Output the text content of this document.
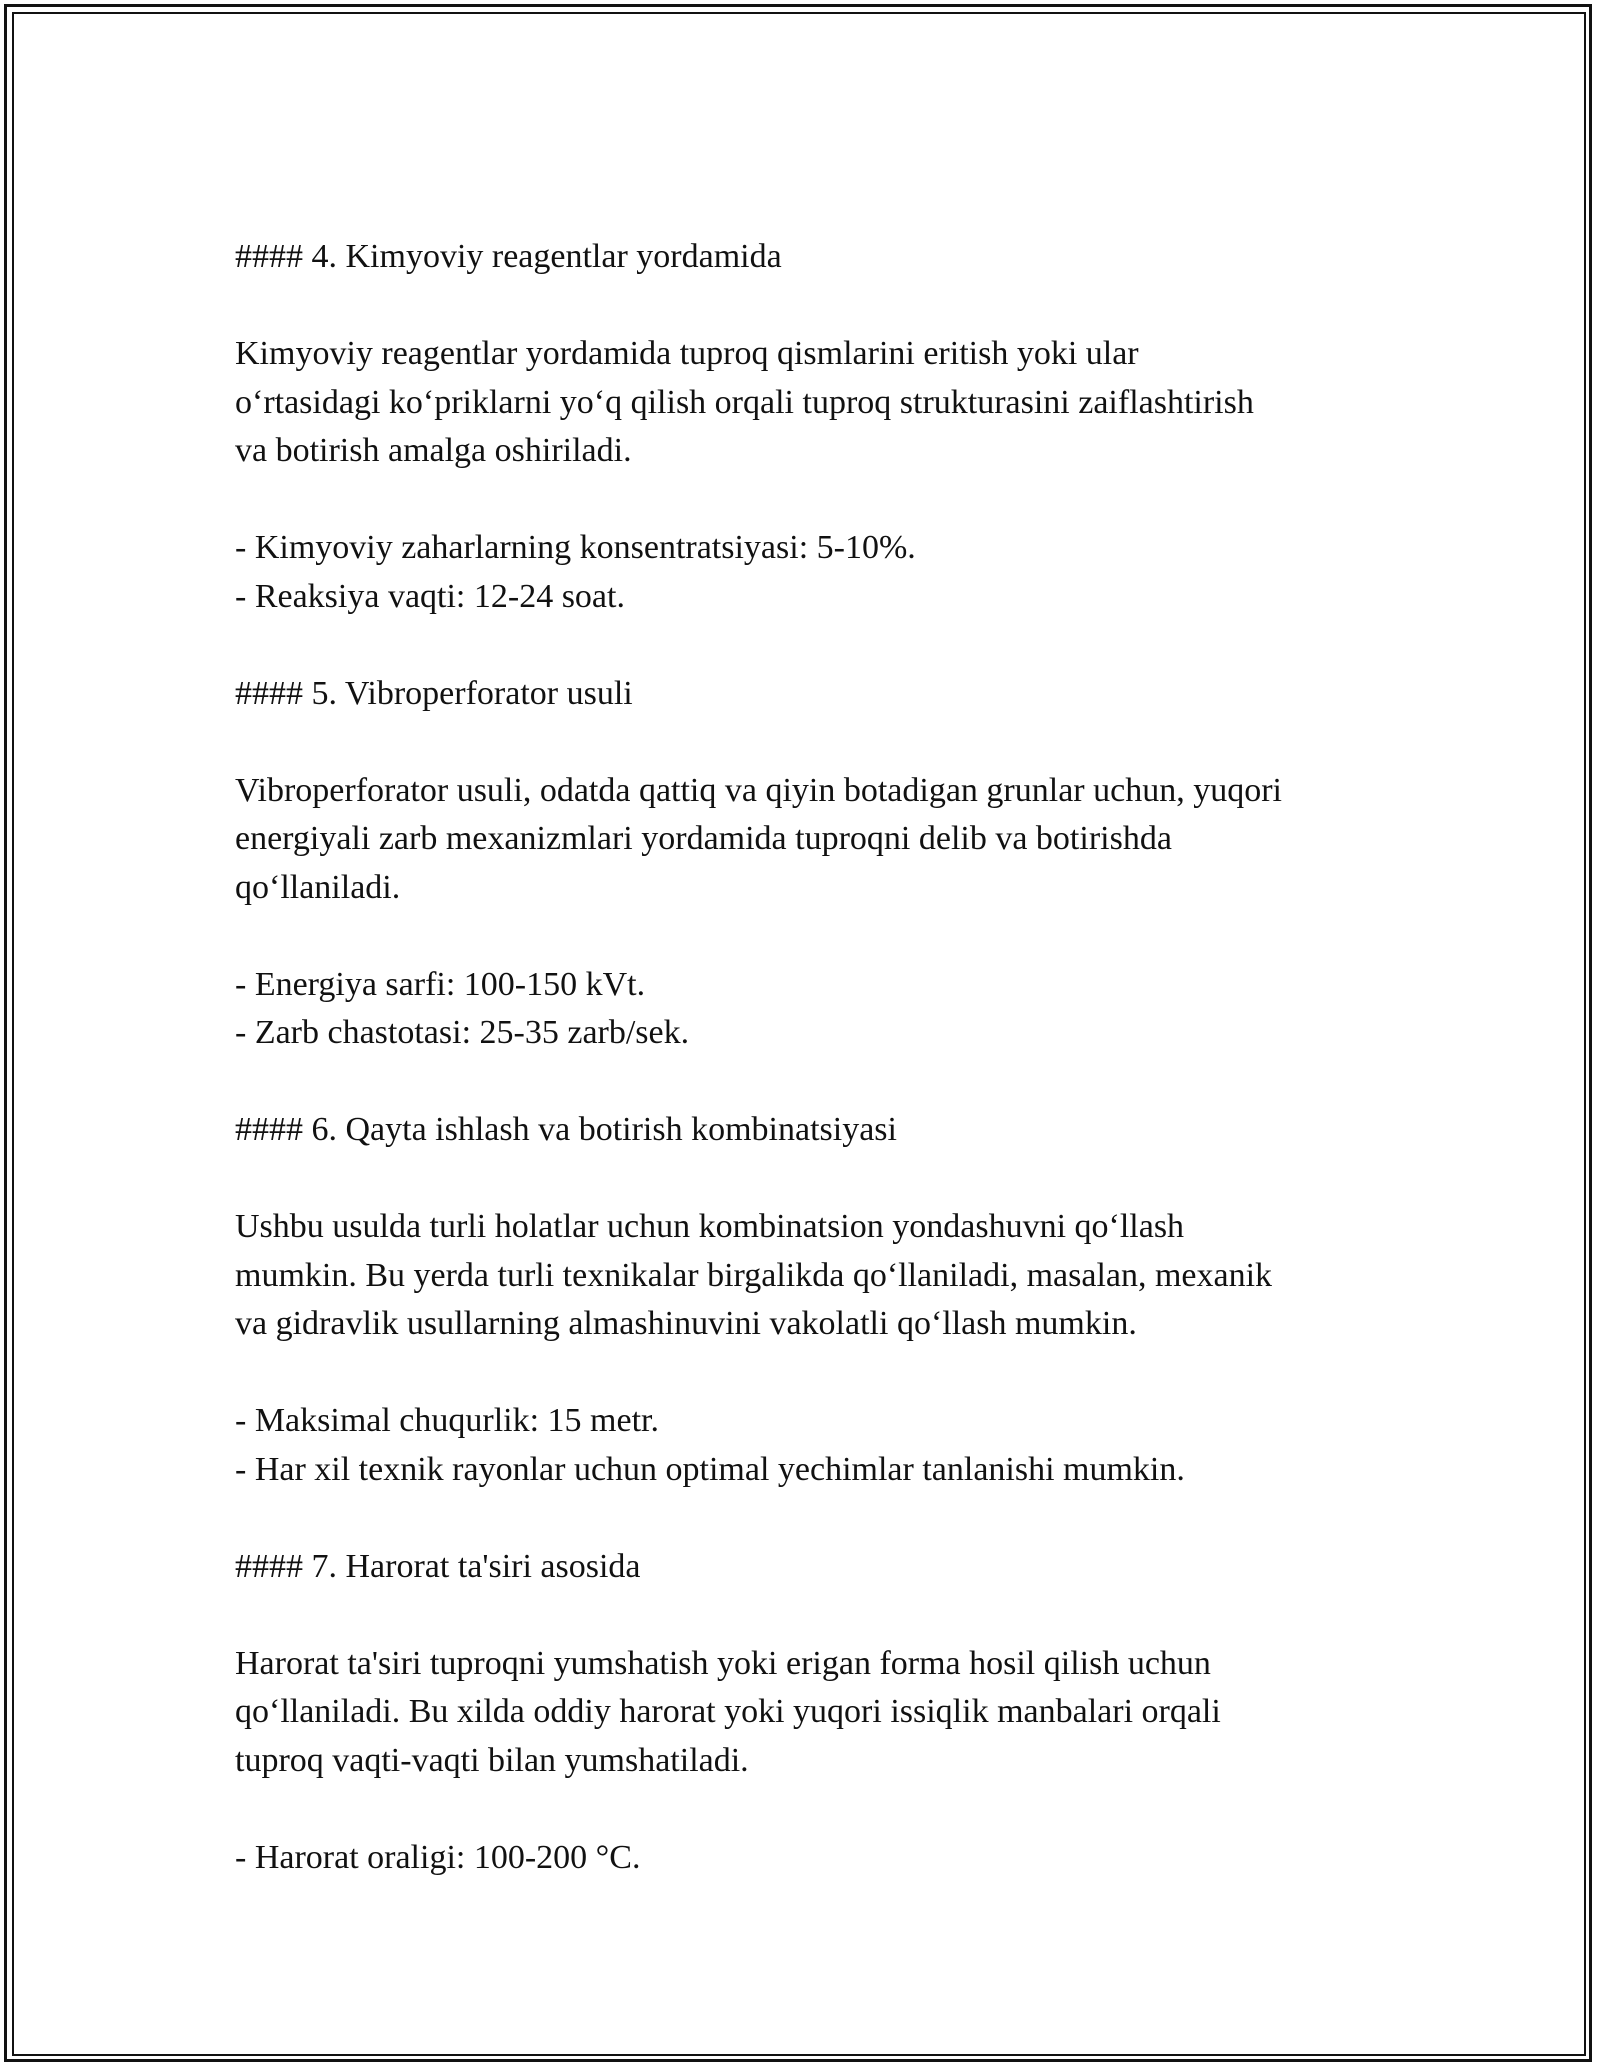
#### 4. Kimyoviy reagentlar yordamida

Kimyoviy reagentlar yordamida tuproq qismlarini eritish yoki ular

o‘rtasidagi ko‘priklarni yo‘q qilish orqali tuproq strukturasini zaiflashtirish

va botirish amalga oshiriladi.

- Kimyoviy zaharlarning konsentratsiyasi: 5-10%.

- Reaksiya vaqti: 12-24 soat.

#### 5. Vibroperforator usuli

Vibroperforator usuli, odatda qattiq va qiyin botadigan grunlar uchun, yuqori

energiyali zarb mexanizmlari yordamida tuproqni delib va botirishda

qo‘llaniladi.

- Energiya sarfi: 100-150 kVt.

- Zarb chastotasi: 25-35 zarb/sek.

#### 6. Qayta ishlash va botirish kombinatsiyasi

Ushbu usulda turli holatlar uchun kombinatsion yondashuvni qo‘llash

mumkin. Bu yerda turli texnikalar birgalikda qo‘llaniladi, masalan, mexanik

va gidravlik usullarning almashinuvini vakolatli qo‘llash mumkin.

- Maksimal chuqurlik: 15 metr.

- Har xil texnik rayonlar uchun optimal yechimlar tanlanishi mumkin.

#### 7. Harorat ta'siri asosida

Harorat ta'siri tuproqni yumshatish yoki erigan forma hosil qilish uchun

qo‘llaniladi. Bu xilda oddiy harorat yoki yuqori issiqlik manbalari orqali

tuproq vaqti-vaqti bilan yumshatiladi.

- Harorat oraligi: 100-200 °C.
